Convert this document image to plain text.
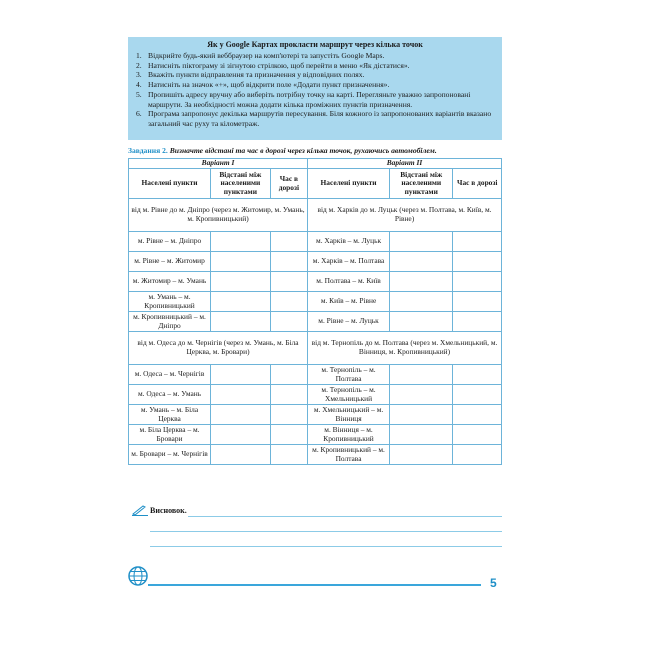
Як у Google Картах прокласти маршрут через кілька точок
1. Відкрийте будь-який веббраузер на комп'ютері та запустіть Google Maps.
2. Натисніть піктограму зі зігнутою стрілкою, щоб перейти в меню «Як дістатися».
3. Вкажіть пункти відправлення та призначення у відповідних полях.
4. Натисніть на значок «+», щоб відкрити поле «Додати пункт призначення».
5. Пропишіть адресу вручну або виберіть потрібну точку на карті. Перегляньте уважно запропоновані маршрути. За необхідності можна додати кілька проміжних пунктів призначення.
6. Програма запропонує декілька маршрутів пересування. Біля кожного із запропонованих варіантів вказано загальний час руху та кілометраж.
Завдання 2. Визначте відстані та час в дорозі через кілька точок, рухаючись автомобілем.
Варіант I			Варіант II		
Населені пункти	Відстані між населеними пунктами	Час в дорозі	Населені пункти	Відстані між населеними пунктами	Час в дорозі
від м. Рівне до м. Дніпро (через м. Житомир, м. Умань, м. Кропивницький)			від м. Харків до м. Луцьк (через м. Полтава, м. Київ, м. Рівне)		
м. Рівне – м. Дніпро			м. Харків – м. Луцьк		
м. Рівне – м. Житомир			м. Харків – м. Полтава		
м. Житомир – м. Умань			м. Полтава – м. Київ		
м. Умань – м. Кропивницький			м. Київ – м. Рівне		
м. Кропивницький – м. Дніпро			м. Рівне – м. Луцьк		
від м. Одеса до м. Чернігів (через м. Умань, м. Біла Церква, м. Бровари)			від м. Тернопіль до м. Полтава (через м. Хмельницький, м. Вінниця, м. Кропивницький)		
м. Одеса – м. Чернігів			м. Тернопіль – м. Полтава		
м. Одеса – м. Умань			м. Тернопіль – м. Хмельницький		
м. Умань – м. Біла Церква			м. Хмельницький – м. Вінниця		
м. Біла Церква – м. Бровари			м. Вінниця – м. Кропивницький		
м. Бровари – м. Чернігів			м. Кропивницький – м. Полтава		
Висновок.
5
